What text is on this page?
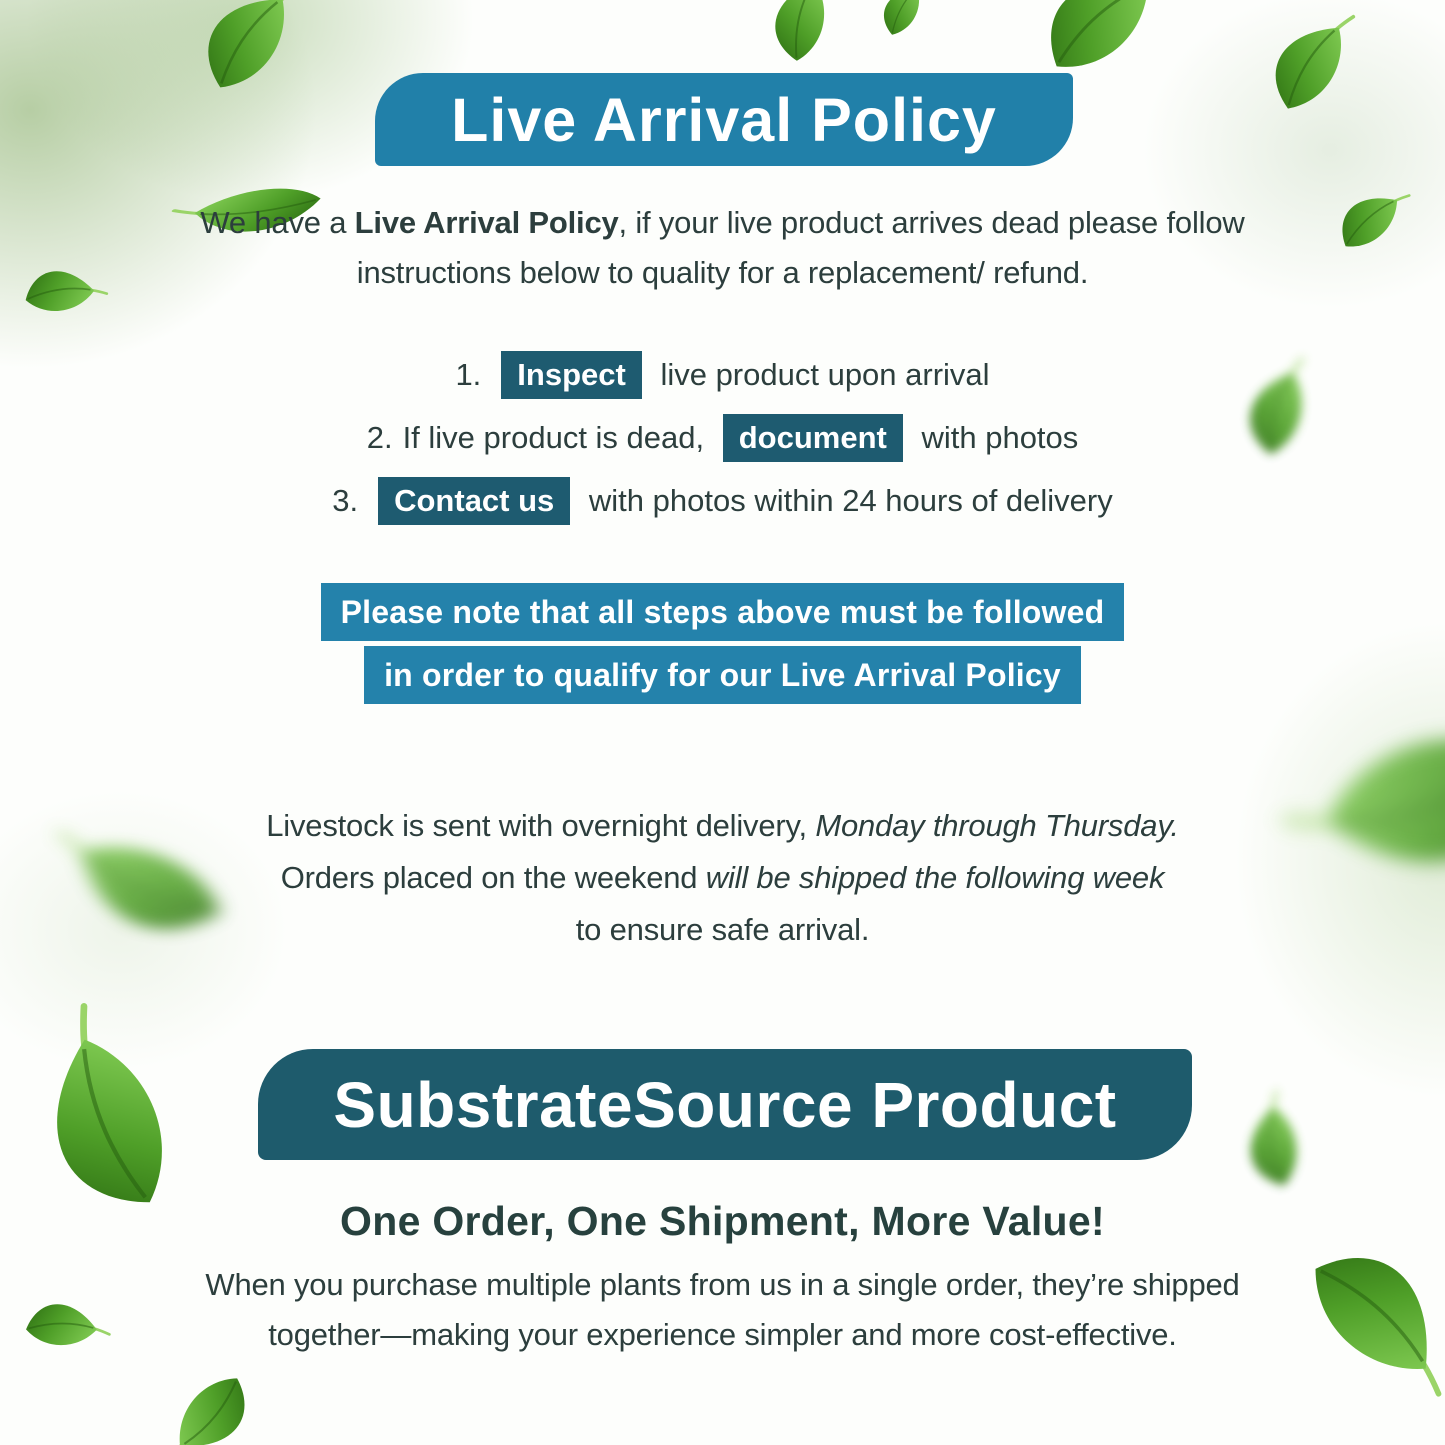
Live Arrival Policy

We have a Live Arrival Policy, if your live product arrives dead please follow
instructions below to quality for a replacement/ refund.

1. Inspect live product upon arrival
2. If live product is dead, document with photos
3. Contact us with photos within 24 hours of delivery
Please note that all steps above must be followed
in order to qualify for our Live Arrival Policy

Livestock is sent with overnight delivery, Monday through Thursday.
Orders placed on the weekend will be shipped the following week
to ensure safe arrival.

SubstrateSource Product
One Order, One Shipment, More Value!

When you purchase multiple plants from us in a single order, they’re shipped
together—making your experience simpler and more cost-effective.
